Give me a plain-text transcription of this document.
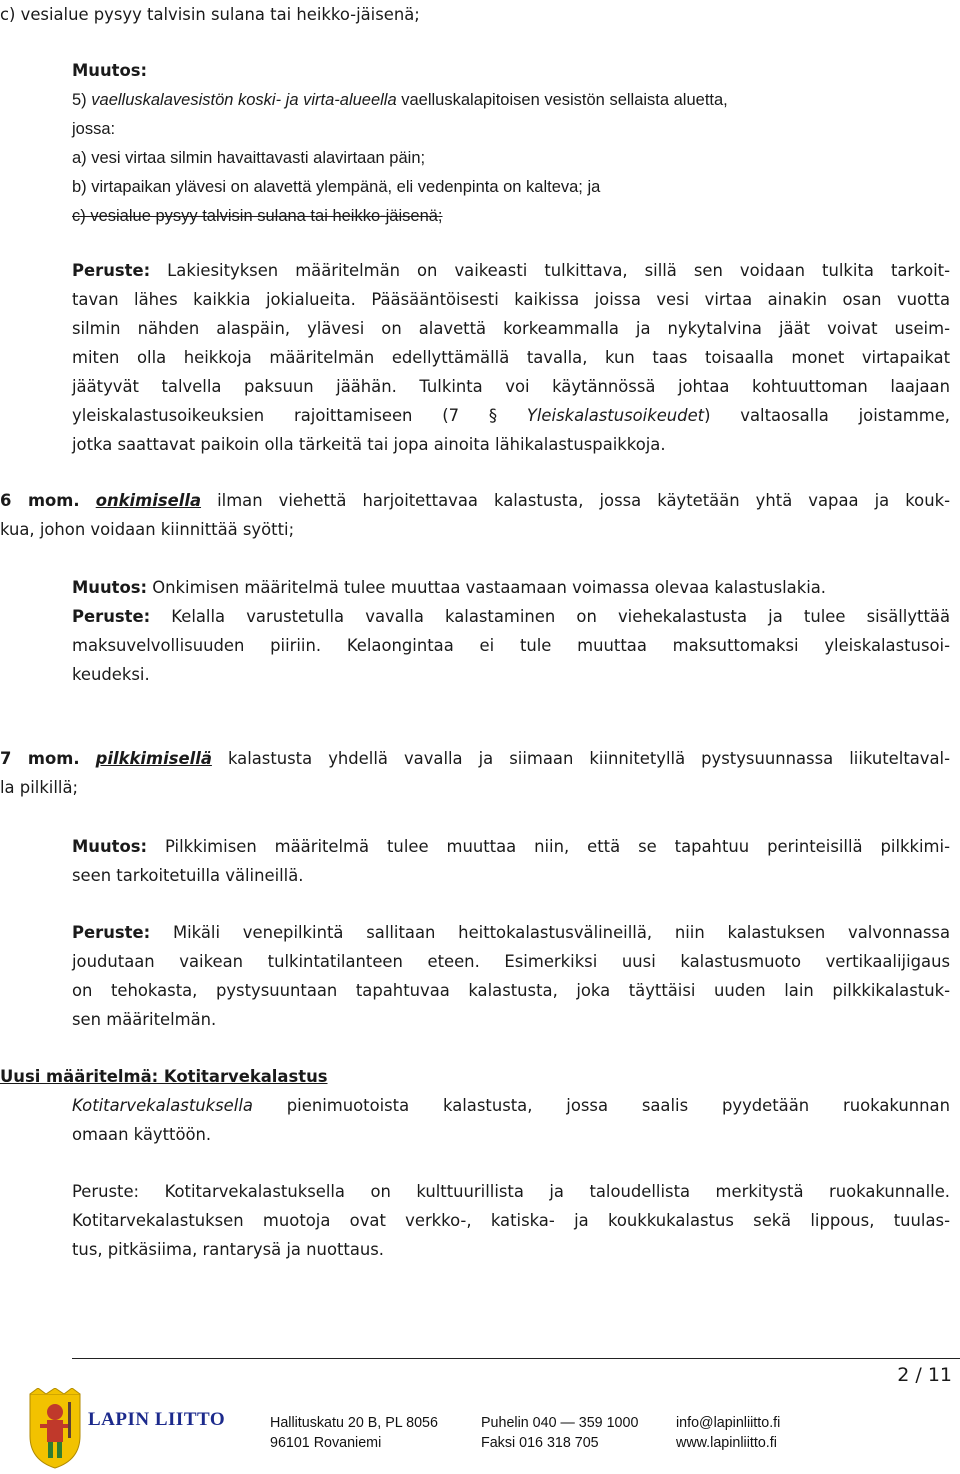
c) vesialue pysyy talvisin sulana tai heikko-jäisenä;
Muutos:
5) vaelluskalavesistön koski- ja virta-alueella vaelluskalapitoisen vesistön sellaista aluetta,
jossa:
a) vesi virtaa silmin havaittavasti alavirtaan päin;
b) virtapaikan ylävesi on alavettä ylempänä, eli vedenpinta on kalteva; ja
c) vesialue pysyy talvisin sulana tai heikko-jäisenä;
Peruste: Lakiesityksen määritelmän on vaikeasti tulkittava, sillä sen voidaan tulkita tarkoit-
tavan lähes kaikkia jokialueita. Pääsääntöisesti kaikissa joissa vesi virtaa ainakin osan vuotta
silmin nähden alaspäin, ylävesi on alavettä korkeammalla ja nykytalvina jäät voivat useim-
miten olla heikkoja määritelmän edellyttämällä tavalla, kun taas toisaalla monet virtapaikat
jäätyvät talvella paksuun jäähän. Tulkinta voi käytännössä johtaa kohtuuttoman laajaan
yleiskalastusoikeuksien rajoittamiseen (7 § Yleiskalastusoikeudet) valtaosalla joistamme,
jotka saattavat paikoin olla tärkeitä tai jopa ainoita lähikalastuspaikkoja.
6 mom. onkimisella ilman viehettä harjoitettavaa kalastusta, jossa käytetään yhtä vapaa ja kouk-
kua, johon voidaan kiinnittää syötti;
Muutos: Onkimisen määritelmä tulee muuttaa vastaamaan voimassa olevaa kalastuslakia.
Peruste: Kelalla varustetulla vavalla kalastaminen on viehekalastusta ja tulee sisällyttää
maksuvelvollisuuden piiriin. Kelaongintaa ei tule muuttaa maksuttomaksi yleiskalastusoi-
keudeksi.
7 mom. pilkkimisellä kalastusta yhdellä vavalla ja siimaan kiinnitetyllä pystysuunnassa liikuteltaval-
la pilkillä;
Muutos: Pilkkimisen määritelmä tulee muuttaa niin, että se tapahtuu perinteisillä pilkkimi-
seen tarkoitetuilla välineillä.
Peruste: Mikäli venepilkintä sallitaan heittokalastusvälineillä, niin kalastuksen valvonnassa
joudutaan vaikean tulkintatilanteen eteen. Esimerkiksi uusi kalastusmuoto vertikaalijigaus
on tehokasta, pystysuuntaan tapahtuvaa kalastusta, joka täyttäisi uuden lain pilkkikalastuk-
sen määritelmän.
Uusi määritelmä: Kotitarvekalastus
Kotitarvekalastuksella pienimuotoista kalastusta, jossa saalis pyydetään ruokakunnan
omaan käyttöön.
Peruste: Kotitarvekalastuksella on kulttuurillista ja taloudellista merkitystä ruokakunnalle.
Kotitarvekalastuksen muotoja ovat verkko-, katiska- ja koukkukalastus sekä lippous, tuulas-
tus, pitkäsiima, rantarysä ja nuottaus.
2 / 11
LAPIN LIITTO	Hallituskatu 20 B, PL 8056
96101 Rovaniemi
Puhelin 040 — 359 1000
Faksi 016 318 705
info@lapinliitto.fi
www.lapinliitto.fi
